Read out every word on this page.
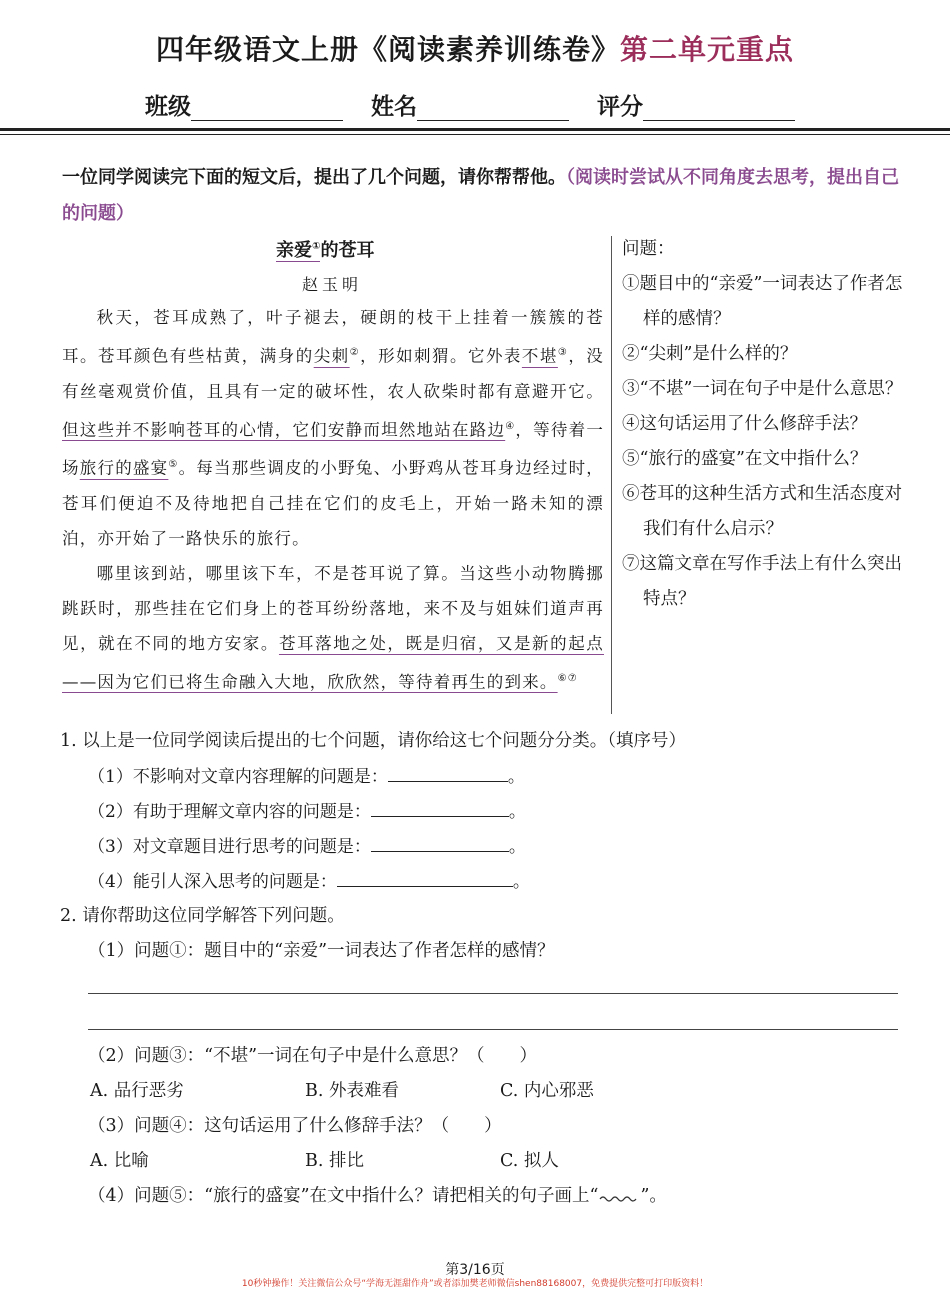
四年级语文上册《阅读素养训练卷》第二单元重点
班级	姓名	评分
一位同学阅读完下面的短文后，提出了几个问题，请你帮帮他。（阅读时尝试从不同角度去思考，提出自己的问题）
亲爱①的苍耳
赵玉明

秋天，苍耳成熟了，叶子褪去，硬朗的枝干上挂着一簇簇的苍耳。苍耳颜色有些枯黄，满身的尖刺②，形如刺猬。它外表不堪③，没有丝毫观赏价值，且具有一定的破坏性，农人砍柴时都有意避开它。但这些并不影响苍耳的心情，它们安静而坦然地站在路边④，等待着一场旅行的盛宴⑤。每当那些调皮的小野兔、小野鸡从苍耳身边经过时，苍耳们便迫不及待地把自己挂在它们的皮毛上，开始一路未知的漂泊，亦开始了一路快乐的旅行。

哪里该到站，哪里该下车，不是苍耳说了算。当这些小动物腾挪跳跃时，那些挂在它们身上的苍耳纷纷落地，来不及与姐妹们道声再见，就在不同的地方安家。苍耳落地之处，既是归宿，又是新的起点——因为它们已将生命融入大地，欣欣然，等待着再生的到来。⑥⑦

问题：
①题目中的“亲爱”一词表达了作者怎样的感情？
②“尖刺”是什么样的？
③“不堪”一词在句子中是什么意思？
④这句话运用了什么修辞手法？
⑤“旅行的盛宴”在文中指什么？
⑥苍耳的这种生活方式和生活态度对我们有什么启示？
⑦这篇文章在写作手法上有什么突出特点？
1. 以上是一位同学阅读后提出的七个问题，请你给这七个问题分分类。（填序号）
（1）不影响对文章内容理解的问题是：	。
（2）有助于理解文章内容的问题是：	。
（3）对文章题目进行思考的问题是：	。
（4）能引人深入思考的问题是：	。
2. 请你帮助这位同学解答下列问题。
（1）问题①：题目中的“亲爱”一词表达了作者怎样的感情？
（2）问题③：“不堪”一词在句子中是什么意思？（　　）
A. 品行恶劣	B. 外表难看	C. 内心邪恶
（3）问题④：这句话运用了什么修辞手法？（　　）
A. 比喻	B. 排比	C. 拟人
（4）问题⑤：“旅行的盛宴”在文中指什么？请把相关的句子画上“ ”。
第3/16页
10秒钟操作！关注微信公众号“学海无涯甜作舟”或者添加樊老师微信shen88168007，免费提供完整可打印版资料！
